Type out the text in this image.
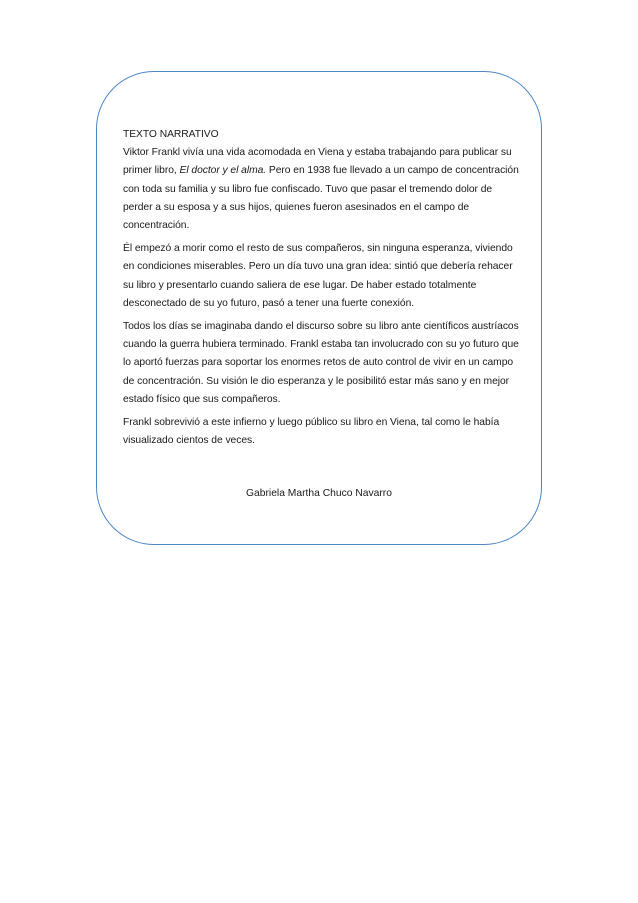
TEXTO NARRATIVO

Viktor Frankl vivía una vida acomodada en Viena y estaba trabajando para publicar su primer libro, El doctor y el alma. Pero en 1938 fue llevado a un campo de concentración con toda su familia y su libro fue confiscado. Tuvo que pasar el tremendo dolor de perder a su esposa y a sus hijos, quienes fueron asesinados en el campo de concentración.

Él empezó a morir como el resto de sus compañeros, sin ninguna esperanza, viviendo en condiciones miserables. Pero un día tuvo una gran idea: sintió que debería rehacer su libro y presentarlo cuando saliera de ese lugar. De haber estado totalmente desconectado de su yo futuro, pasó a tener una fuerte conexión.

Todos los días se imaginaba dando el discurso sobre su libro ante científicos austríacos cuando la guerra hubiera terminado. Frankl estaba tan involucrado con su yo futuro que lo aportó fuerzas para soportar los enormes retos de auto control de vivir en un campo de concentración. Su visión le dio esperanza y le posibilitó estar más sano y en mejor estado físico que sus compañeros.

Frankl sobrevivió a este infierno y luego público su libro en Viena, tal como le había visualizado cientos de veces.

Gabriela Martha Chuco Navarro
